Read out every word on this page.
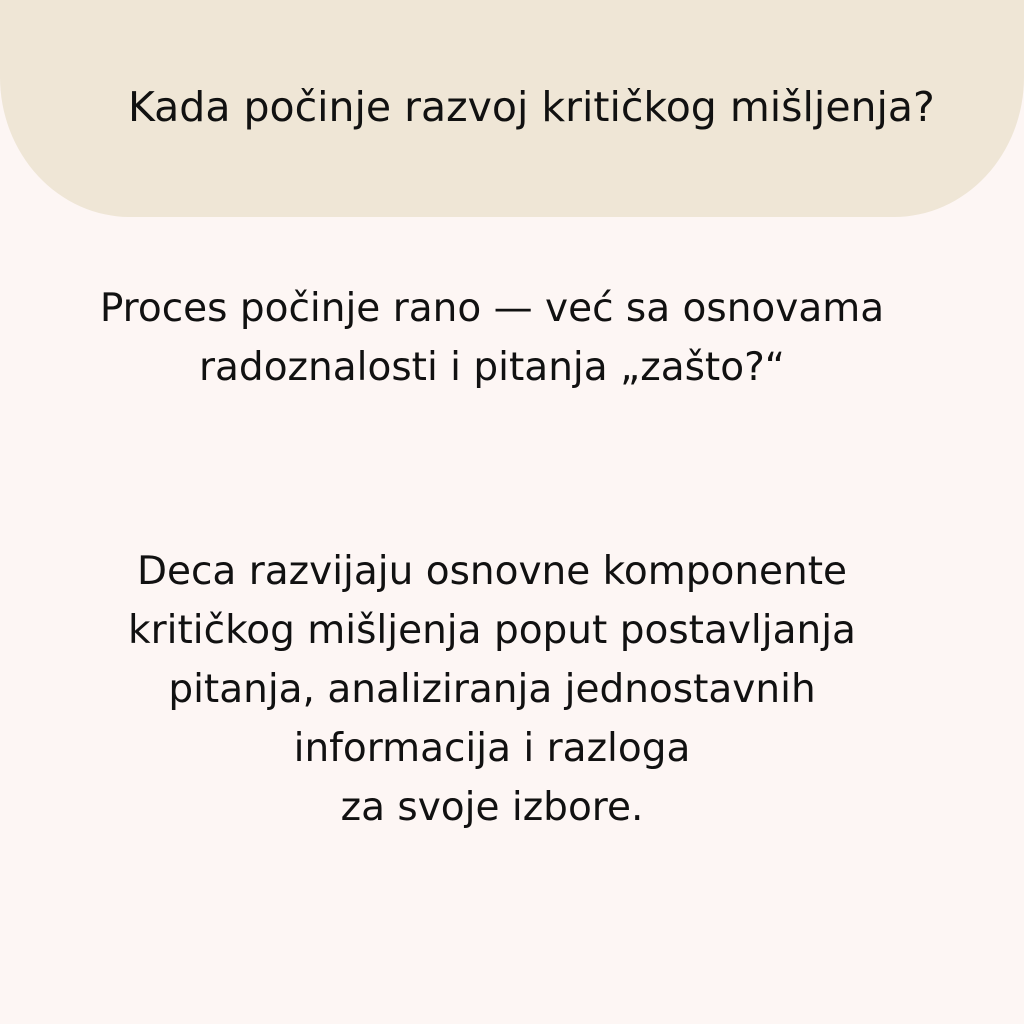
Kada počinje razvoj kritičkog mišljenja?

Proces počinje rano — već sa osnovama
radoznalosti i pitanja „zašto?“

Deca razvijaju osnovne komponente
kritičkog mišljenja poput postavljanja
pitanja, analiziranja jednostavnih
informacija i razloga
za svoje izbore.
